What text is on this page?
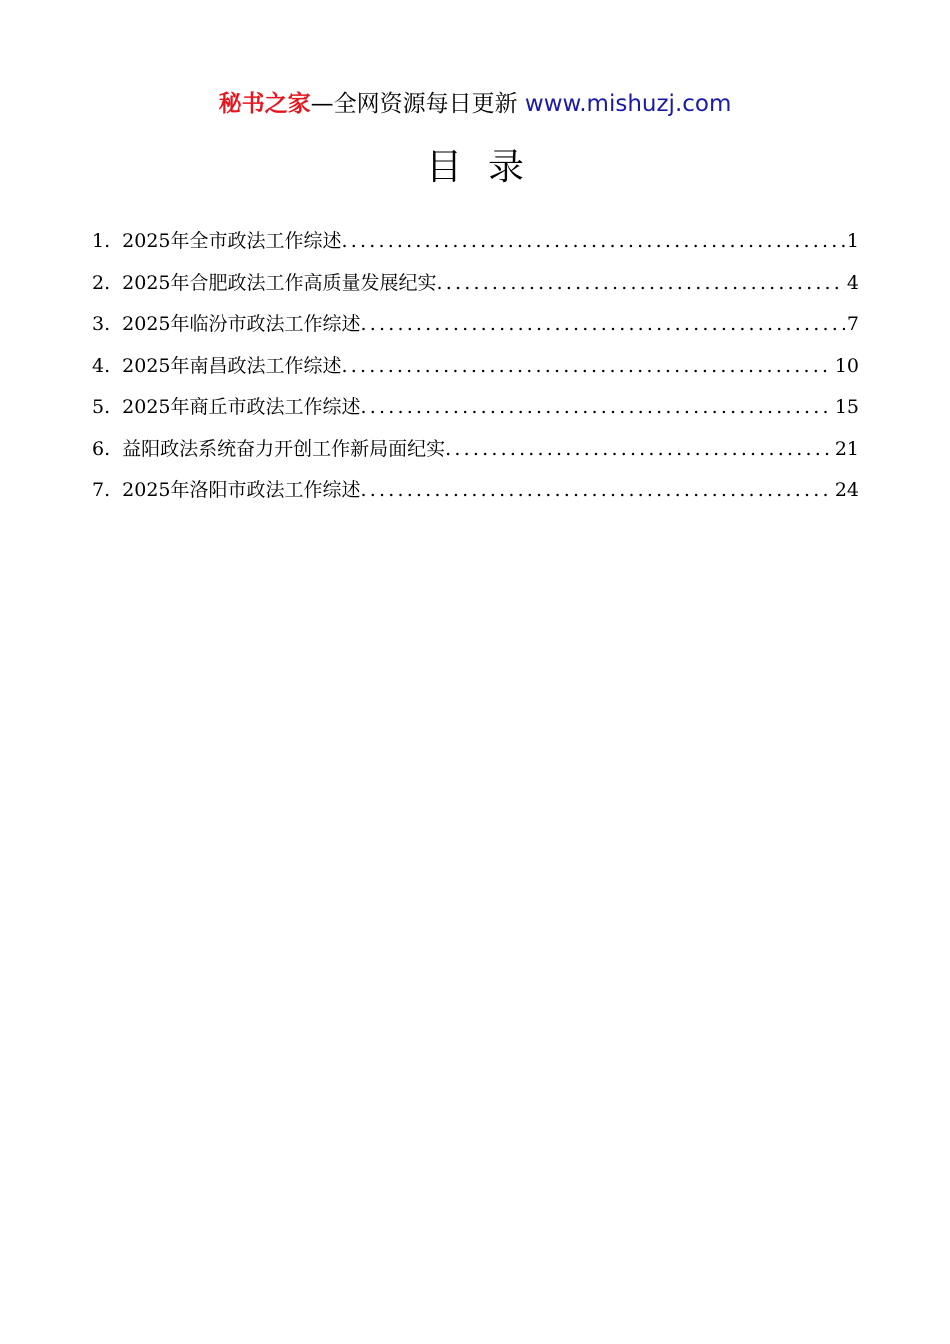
秘书之家—全网资源每日更新 www.mishuzj.com
目录
1. 2025年全市政法工作综述 .....	1
2. 2025年合肥政法工作高质量发展纪实 .....	4
3. 2025年临汾市政法工作综述 .....	7
4. 2025年南昌政法工作综述 .....	10
5. 2025年商丘市政法工作综述 .....	15
6. 益阳政法系统奋力开创工作新局面纪实 .....	21
7. 2025年洛阳市政法工作综述 .....	24
